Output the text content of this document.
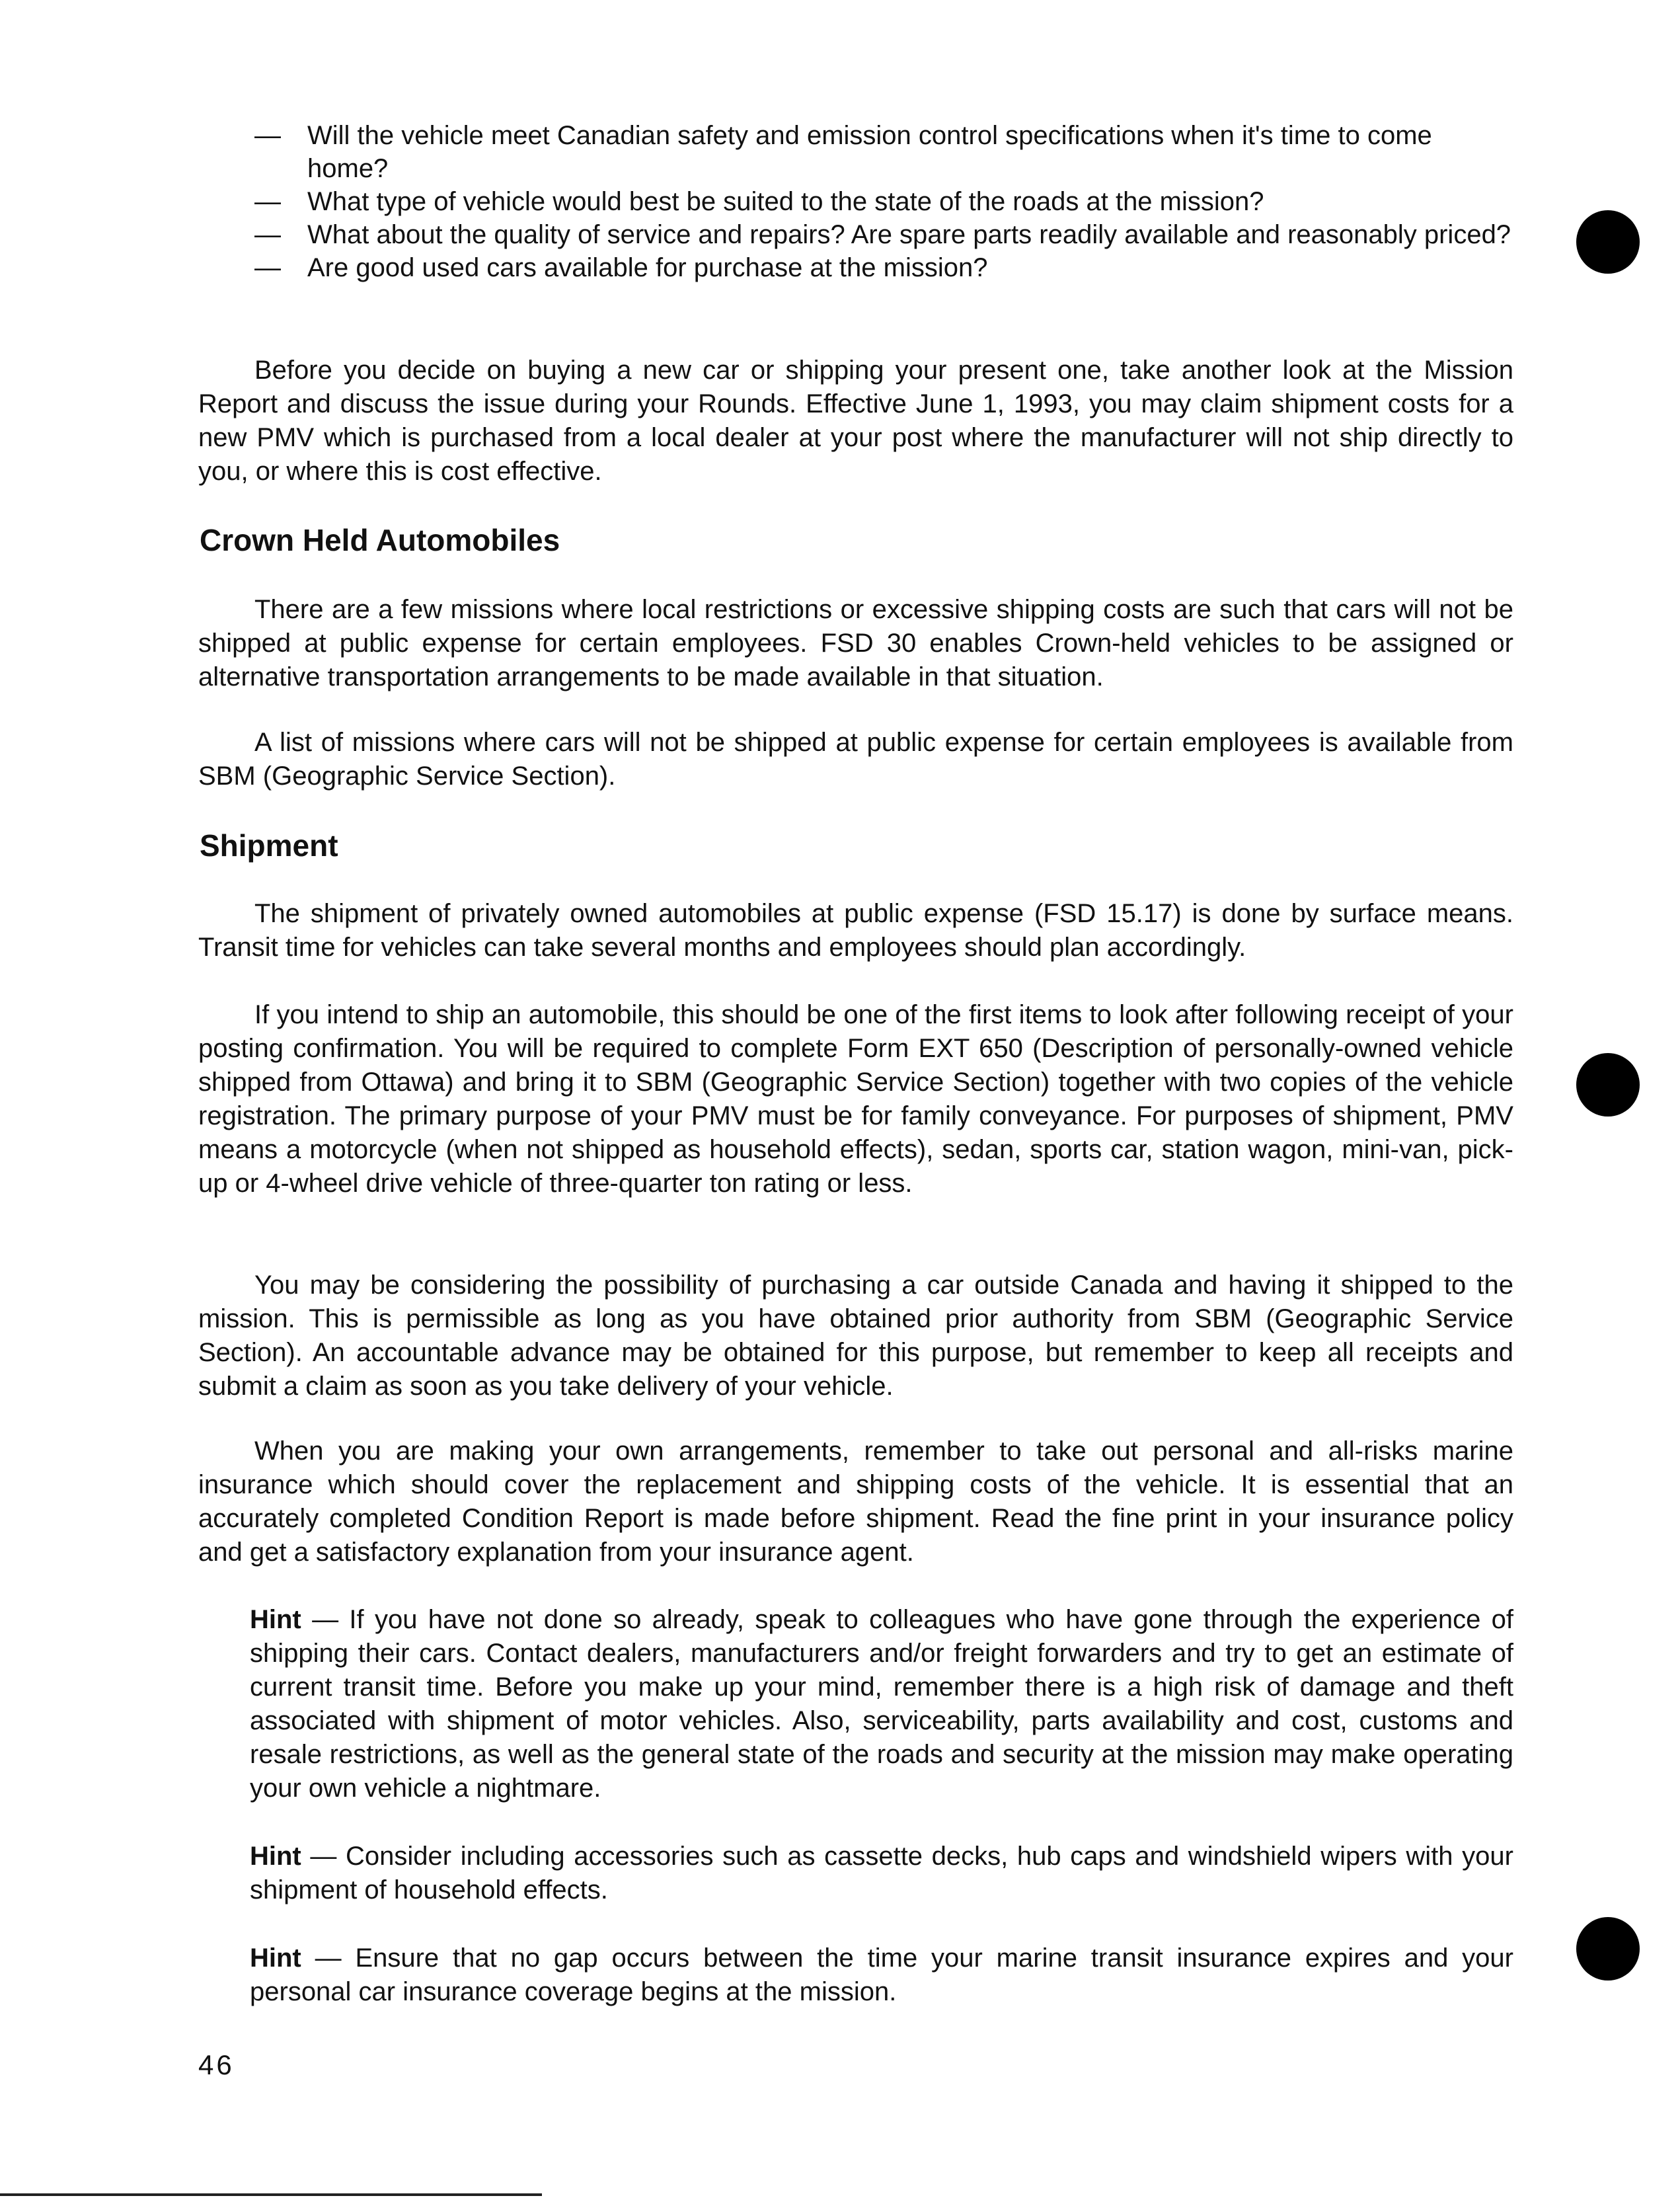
— Will the vehicle meet Canadian safety and emission control specifications when it's time to come home?
— What type of vehicle would best be suited to the state of the roads at the mission?
— What about the quality of service and repairs? Are spare parts readily available and reasonably priced?
— Are good used cars available for purchase at the mission?

Before you decide on buying a new car or shipping your present one, take another look at the Mission Report and discuss the issue during your Rounds. Effective June 1, 1993, you may claim shipment costs for a new PMV which is purchased from a local dealer at your post where the manufacturer will not ship directly to you, or where this is cost effective.

Crown Held Automobiles

There are a few missions where local restrictions or excessive shipping costs are such that cars will not be shipped at public expense for certain employees. FSD 30 enables Crown-held vehicles to be assigned or alternative transportation arrangements to be made available in that situation.

A list of missions where cars will not be shipped at public expense for certain employees is available from SBM (Geographic Service Section).

Shipment

The shipment of privately owned automobiles at public expense (FSD 15.17) is done by surface means. Transit time for vehicles can take several months and employees should plan accordingly.

If you intend to ship an automobile, this should be one of the first items to look after following receipt of your posting confirmation. You will be required to complete Form EXT 650 (Description of personally-owned vehicle shipped from Ottawa) and bring it to SBM (Geographic Service Section) together with two copies of the vehicle registration. The primary purpose of your PMV must be for family conveyance. For purposes of shipment, PMV means a motorcycle (when not shipped as household effects), sedan, sports car, station wagon, mini-van, pick-up or 4-wheel drive vehicle of three-quarter ton rating or less.

You may be considering the possibility of purchasing a car outside Canada and having it shipped to the mission. This is permissible as long as you have obtained prior authority from SBM (Geographic Service Section). An accountable advance may be obtained for this purpose, but remember to keep all receipts and submit a claim as soon as you take delivery of your vehicle.

When you are making your own arrangements, remember to take out personal and all-risks marine insurance which should cover the replacement and shipping costs of the vehicle. It is essential that an accurately completed Condition Report is made before shipment. Read the fine print in your insurance policy and get a satisfactory explanation from your insurance agent.

Hint — If you have not done so already, speak to colleagues who have gone through the experience of shipping their cars. Contact dealers, manufacturers and/or freight forwarders and try to get an estimate of current transit time. Before you make up your mind, remember there is a high risk of damage and theft associated with shipment of motor vehicles. Also, serviceability, parts availability and cost, customs and resale restrictions, as well as the general state of the roads and security at the mission may make operating your own vehicle a nightmare.

Hint — Consider including accessories such as cassette decks, hub caps and windshield wipers with your shipment of household effects.

Hint — Ensure that no gap occurs between the time your marine transit insurance expires and your personal car insurance coverage begins at the mission.

46
